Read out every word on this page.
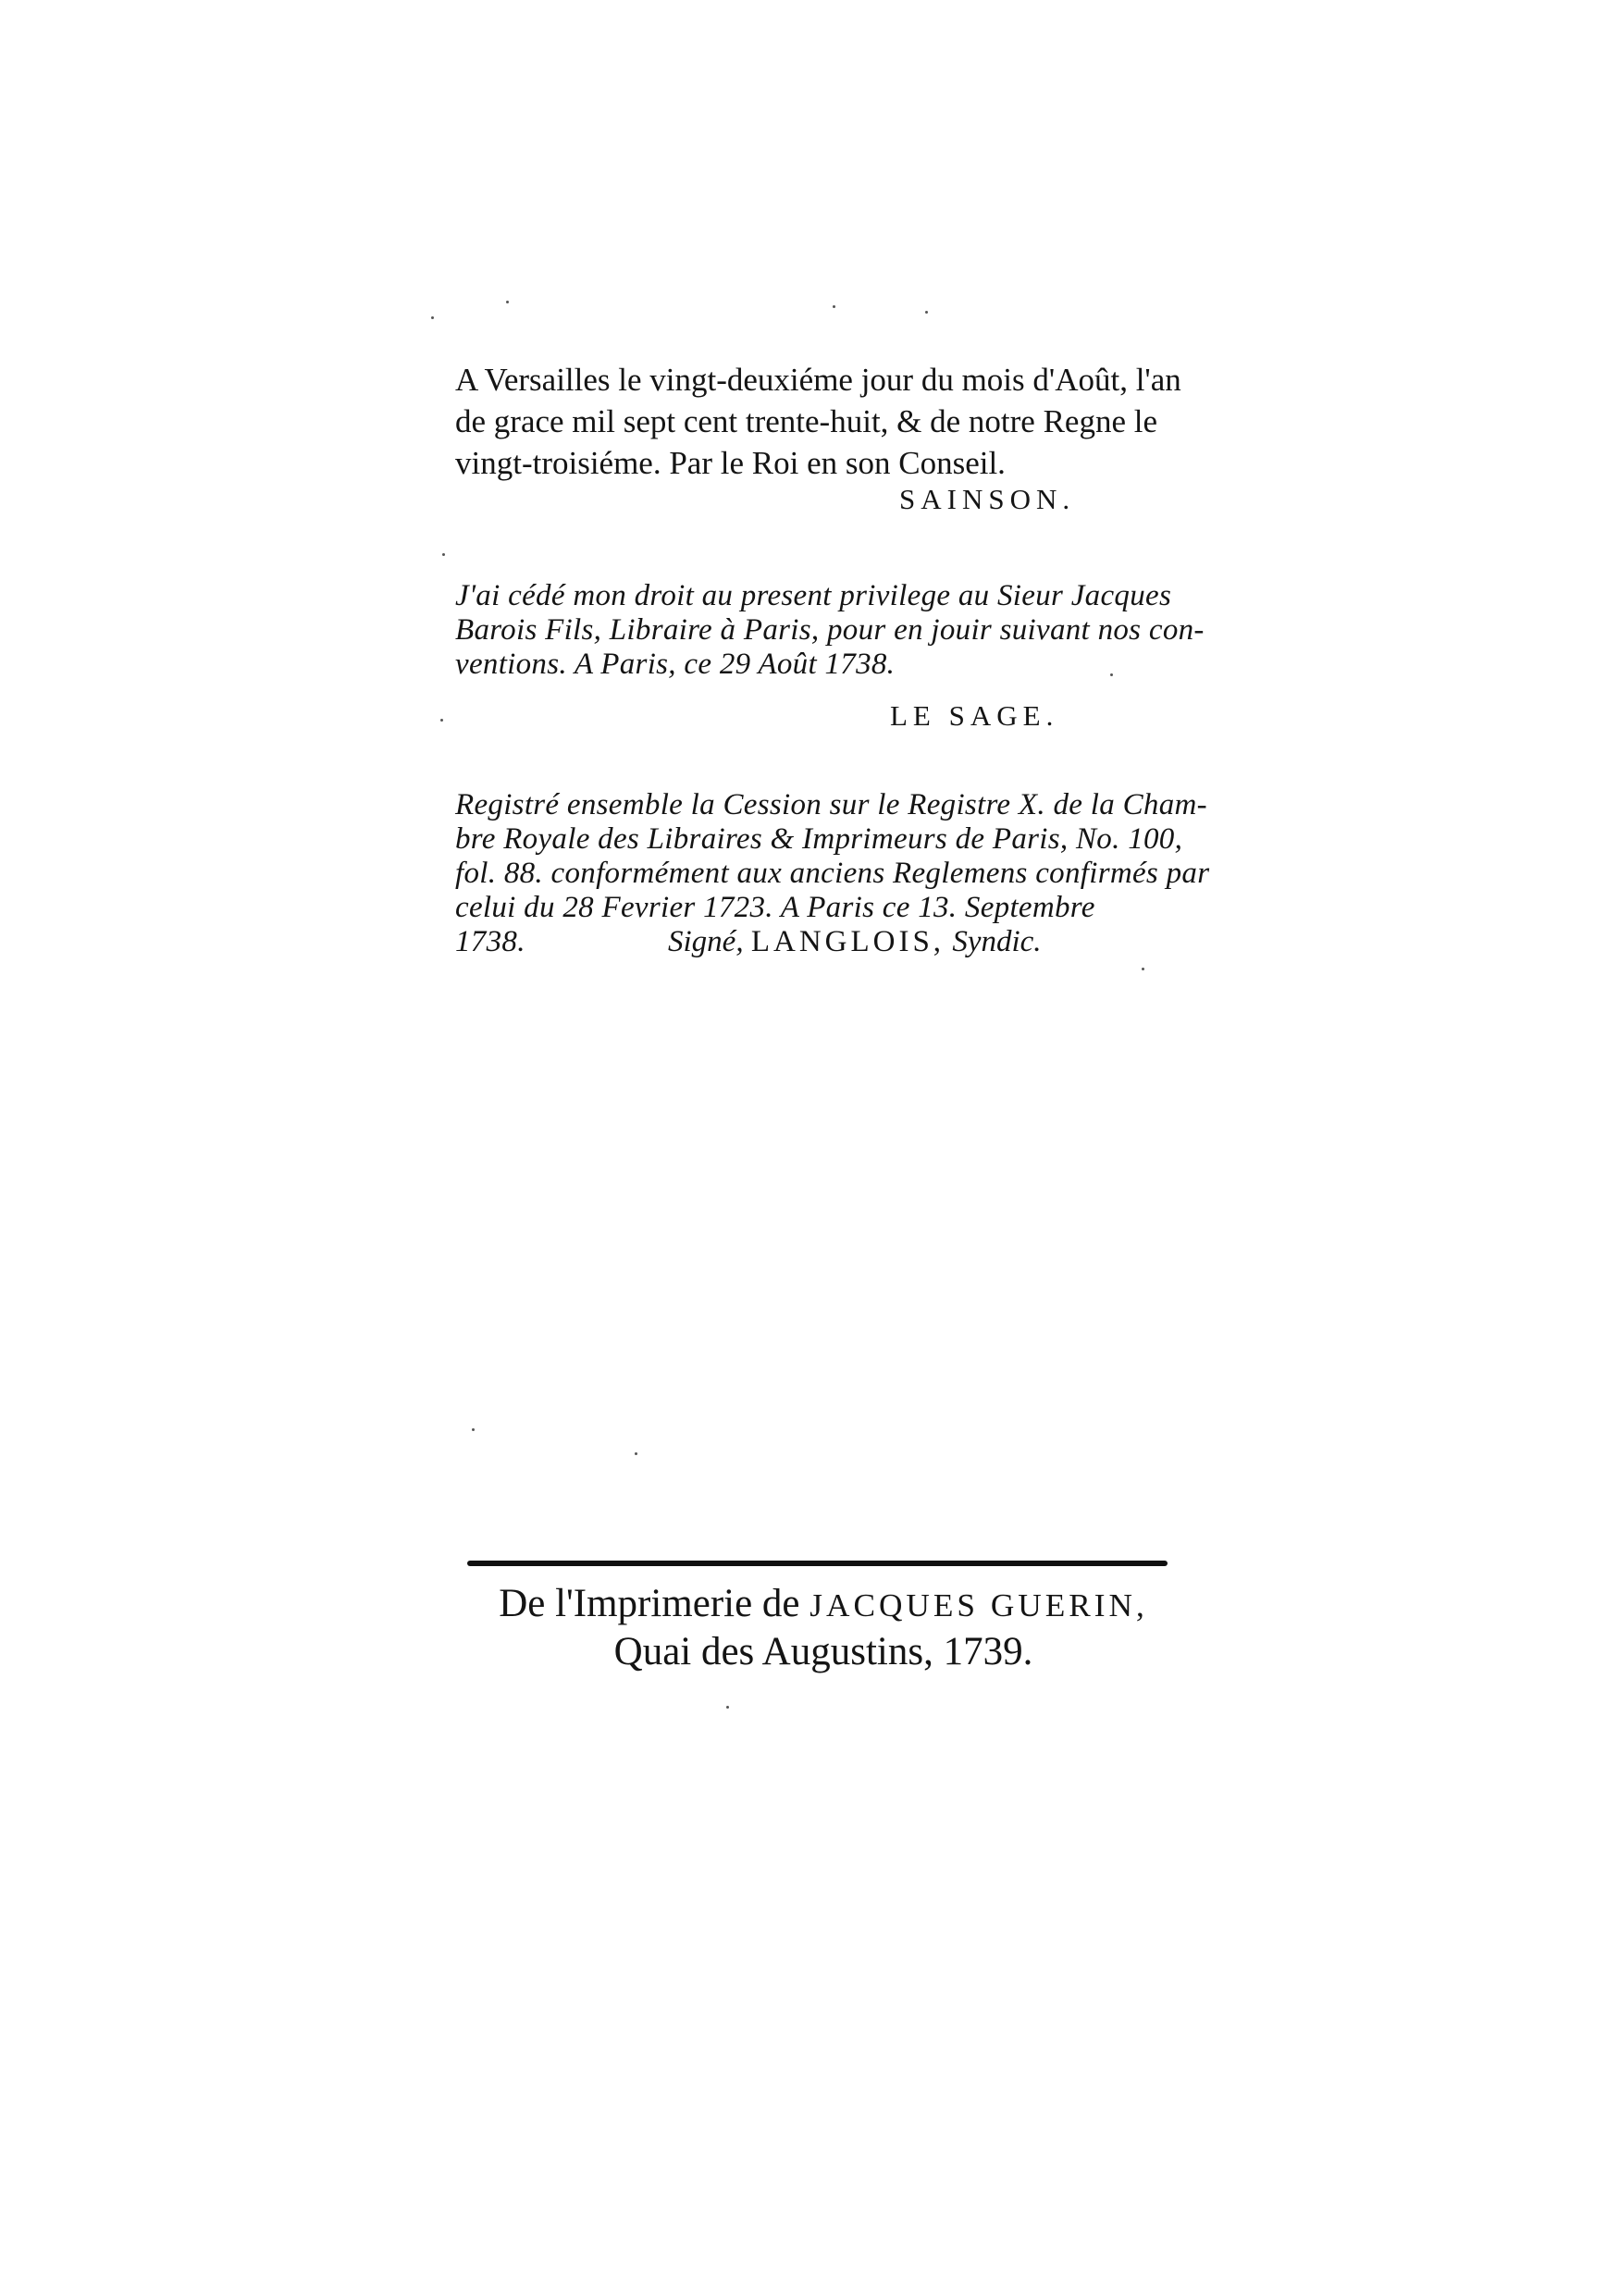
A Versailles le vingt-deuxiéme jour du mois d'Août, l'an
de grace mil sept cent trente-huit, & de notre Regne le
vingt-troisiéme. Par le Roi en son Conseil.
SAINSON.
J'ai cédé mon droit au present privilege au Sieur Jacques
Barois Fils, Libraire à Paris, pour en jouir suivant nos con-
ventions. A Paris, ce 29 Août 1738.
LE SAGE.
Registré ensemble la Cession sur le Registre X. de la Cham-
bre Royale des Libraires & Imprimeurs de Paris, No. 100,
fol. 88. conformément aux anciens Reglemens confirmés par
celui du 28 Fevrier 1723. A Paris ce 13. Septembre
1738.	Signé, LANGLOIS, Syndic.
De l'Imprimerie de JACQUES GUERIN,
Quai des Augustins, 1739.
